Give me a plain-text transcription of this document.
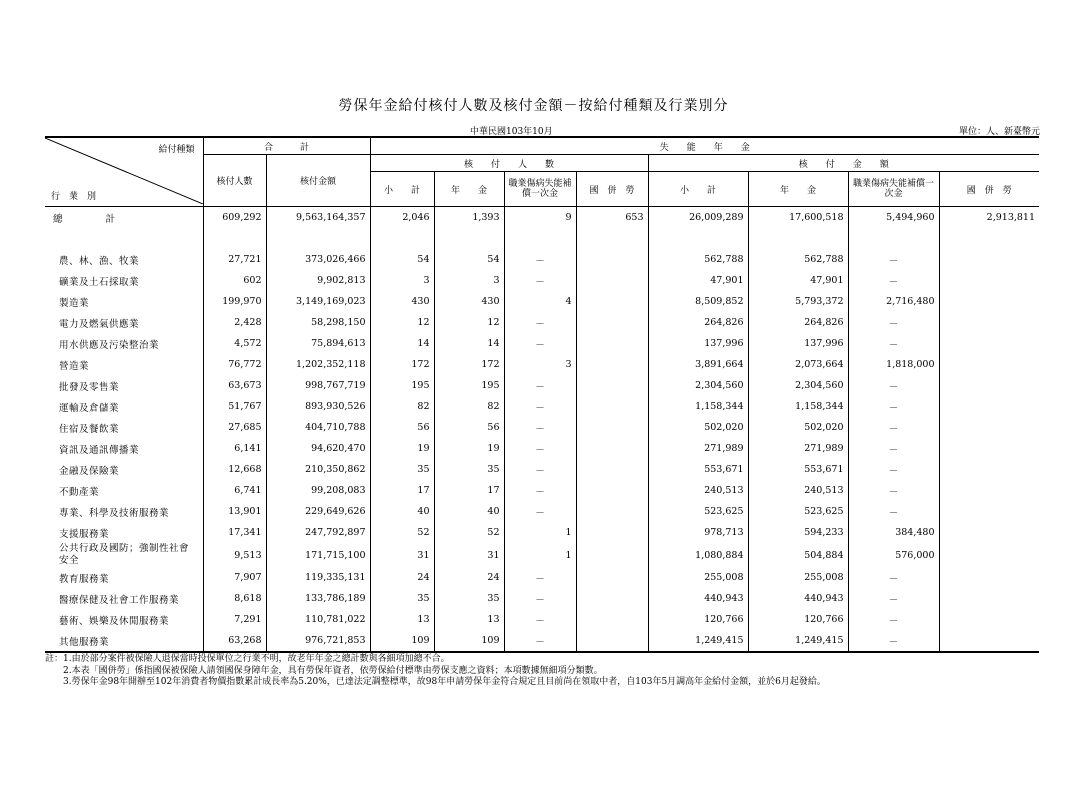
勞保年金給付核付人數及核付金額－按給付種類及行業別分
中華民國103年10月	單位：人、新臺幣元
給付種類
行　業　別	合　　　計		失　　能　　年　　金							
	核付人數	核付金額	核　　付　　人　　數				核　　付　　金　　額			
			小　　計	年　　金	職業傷病失能補償一次金	國　併　勞	小　　計	年　　金	職業傷病失能補償一次金	國　併　勞
總　　　　計	609,292	9,563,164,357	2,046	1,393	9	653	26,009,289	17,600,518	5,494,960	2,913,811

農、林、漁、牧業	27,721	373,026,466	54	54	－		562,788	562,788	－	
礦業及土石採取業	602	9,902,813	3	3	－		47,901	47,901	－	
製造業	199,970	3,149,169,023	430	430	4		8,509,852	5,793,372	2,716,480	
電力及燃氣供應業	2,428	58,298,150	12	12	－		264,826	264,826	－	
用水供應及污染整治業	4,572	75,894,613	14	14	－		137,996	137,996	－	
營造業	76,772	1,202,352,118	172	172	3		3,891,664	2,073,664	1,818,000	
批發及零售業	63,673	998,767,719	195	195	－		2,304,560	2,304,560	－	
運輸及倉儲業	51,767	893,930,526	82	82	－		1,158,344	1,158,344	－	
住宿及餐飲業	27,685	404,710,788	56	56	－		502,020	502,020	－	
資訊及通訊傳播業	6,141	94,620,470	19	19	－		271,989	271,989	－	
金融及保險業	12,668	210,350,862	35	35	－		553,671	553,671	－	
不動產業	6,741	99,208,083	17	17	－		240,513	240,513	－	
專業、科學及技術服務業	13,901	229,649,626	40	40	－		523,625	523,625	－	
支援服務業	17,341	247,792,897	52	52	1		978,713	594,233	384,480	
公共行政及國防；強制性社會安全	9,513	171,715,100	31	31	1		1,080,884	504,884	576,000	
教育服務業	7,907	119,335,131	24	24	－		255,008	255,008	－	
醫療保健及社會工作服務業	8,618	133,786,189	35	35	－		440,943	440,943	－	
藝術、娛樂及休閒服務業	7,291	110,781,022	13	13	－		120,766	120,766	－	
其他服務業	63,268	976,721,853	109	109	－		1,249,415	1,249,415	－	
註：1.由於部分案件被保險人退保當時投保單位之行業不明，故老年年金之總計數與各細項加總不合。
　　2.本表「國併勞」係指國保被保險人請領國保身障年金，具有勞保年資者，依勞保給付標準由勞保支應之資料；本項數據無細項分類數。
　　3.勞保年金98年開辦至102年消費者物價指數累計成長率為5.20%，已達法定調整標準，故98年申請勞保年金符合規定且目前尚在領取中者，自103年5月調高年金給付金額，並於6月起發給。
